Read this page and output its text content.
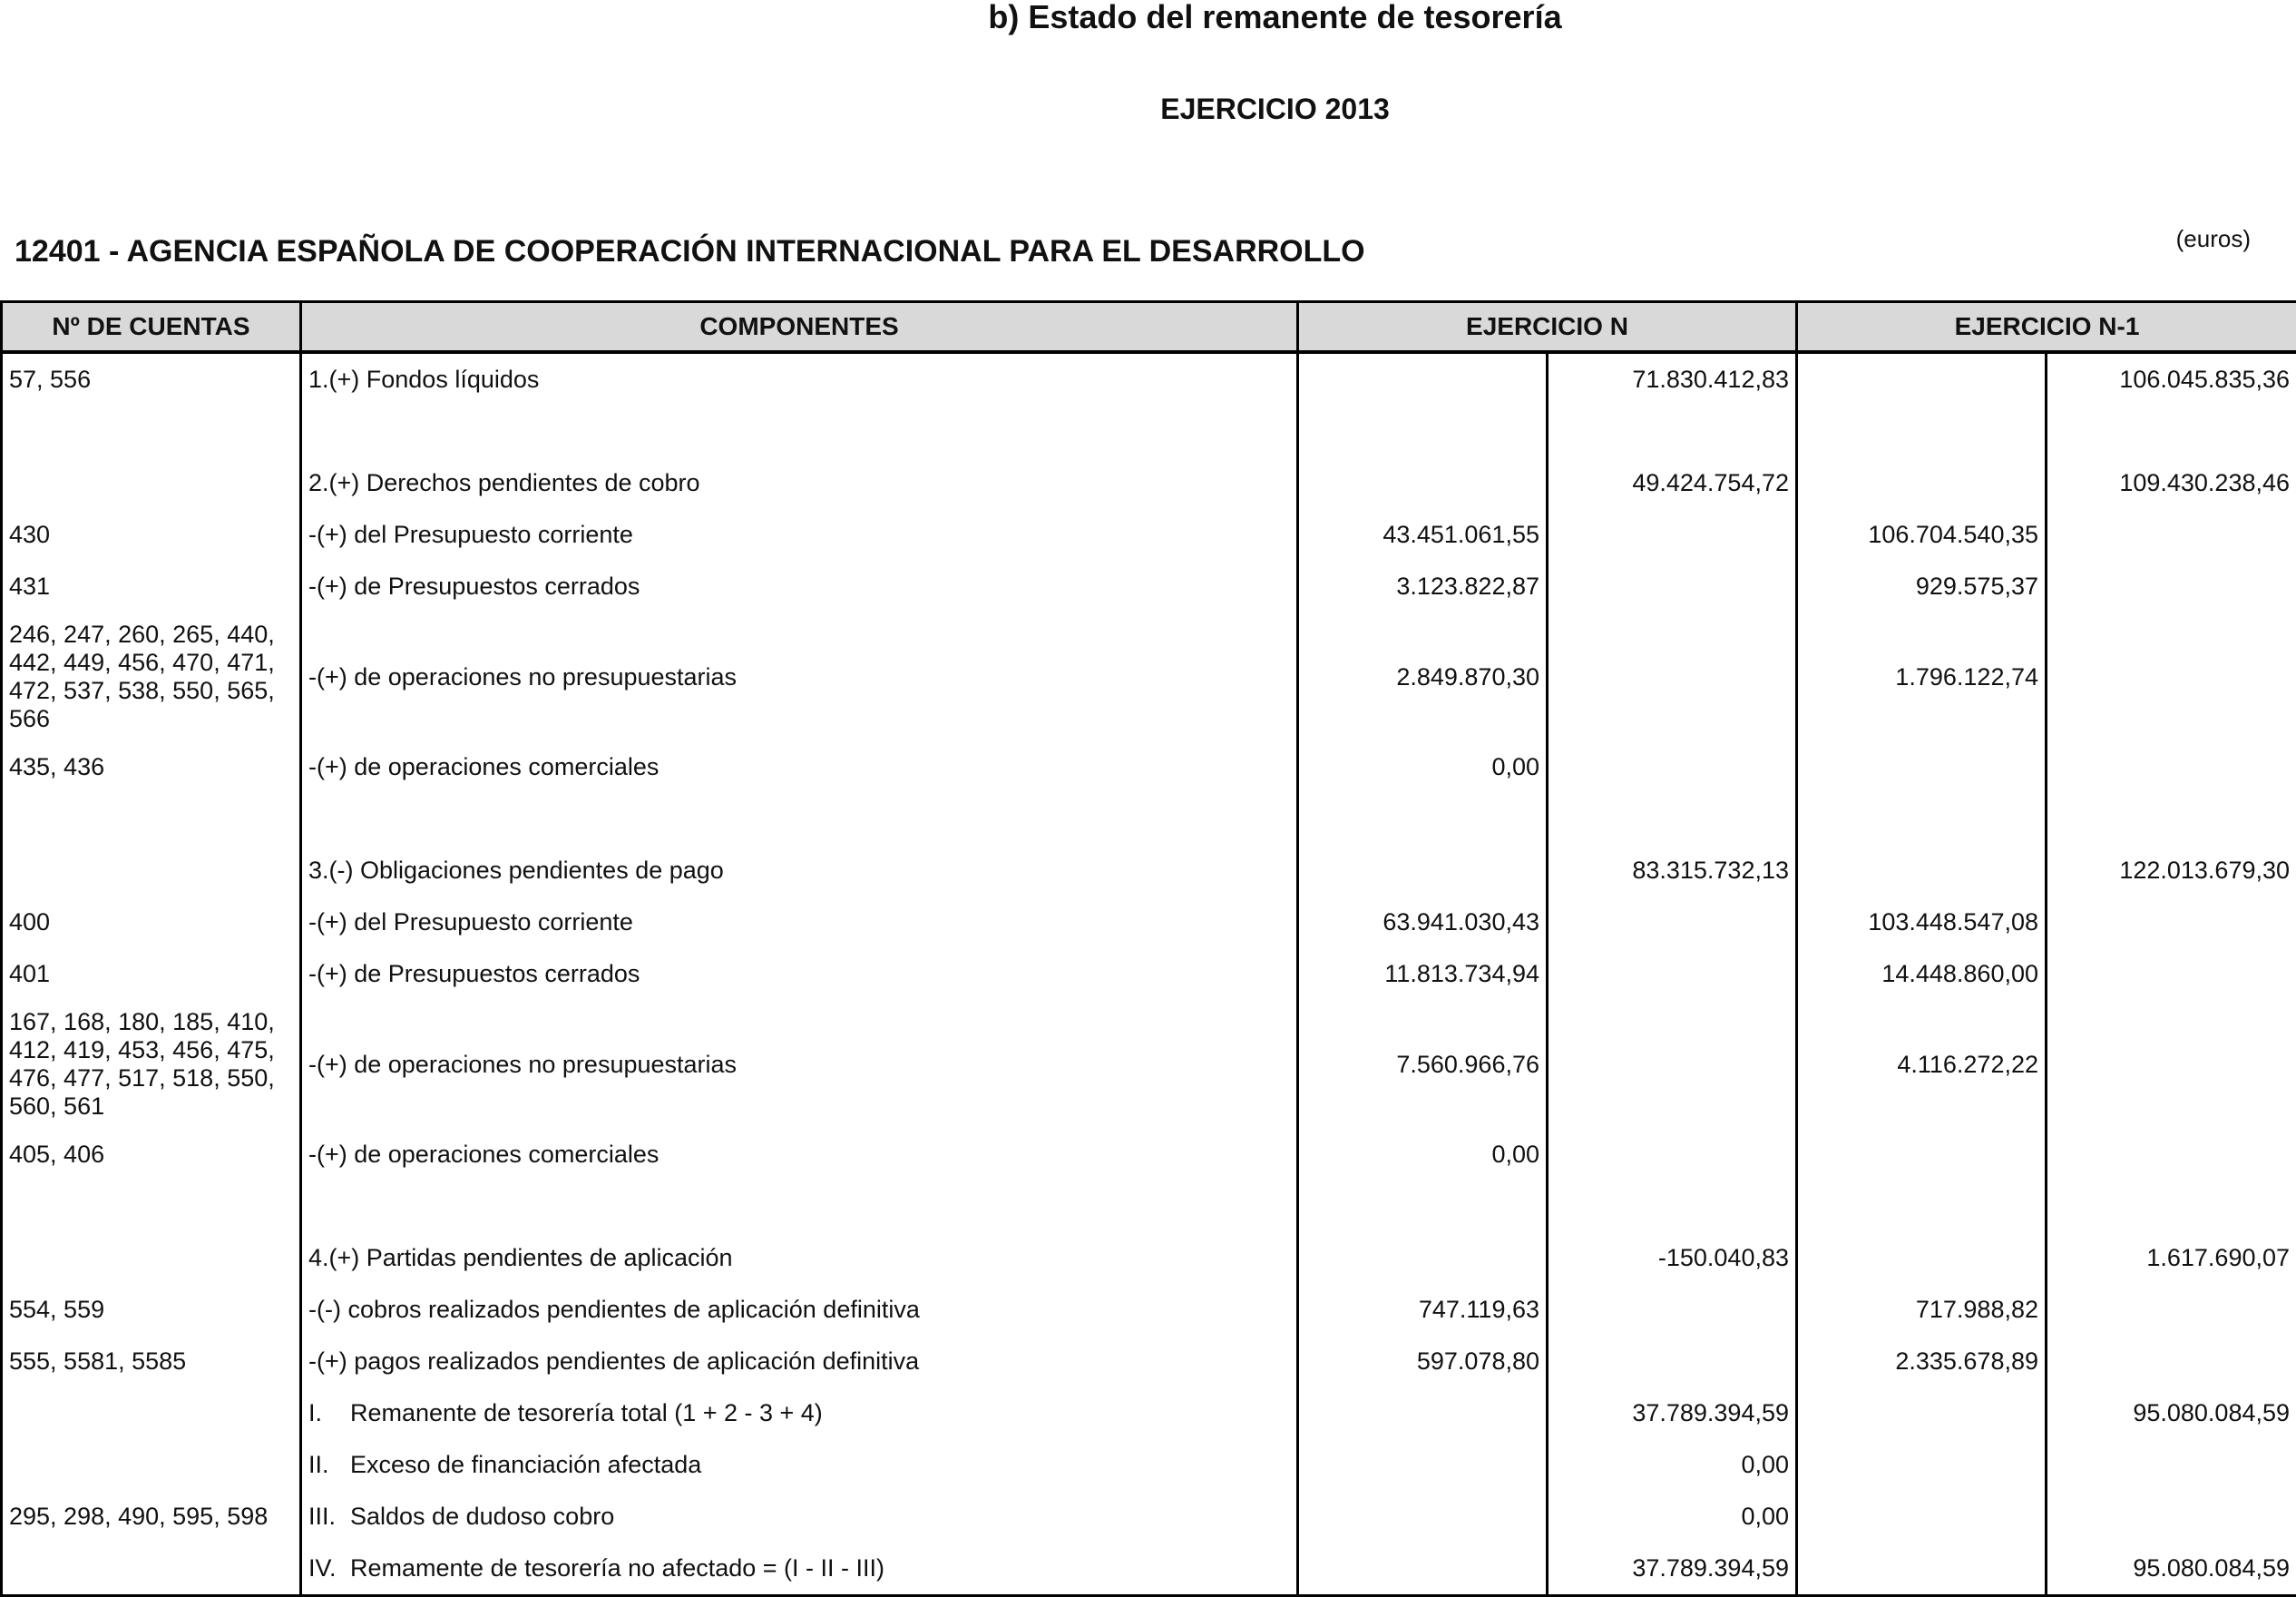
b) Estado del remanente de tesorería
EJERCICIO 2013
12401 - AGENCIA ESPAÑOLA DE COOPERACIÓN INTERNACIONAL PARA EL DESARROLLO	(euros)
Nº DE CUENTAS	COMPONENTES	EJERCICIO N		EJERCICIO N-1	
57, 556	1.(+) Fondos líquidos		71.830.412,83		106.045.835,36

	2.(+) Derechos pendientes de cobro		49.424.754,72		109.430.238,46
430	-(+) del Presupuesto corriente	43.451.061,55		106.704.540,35	
431	-(+) de Presupuestos cerrados	3.123.822,87		929.575,37	
246, 247, 260, 265, 440, 442, 449, 456, 470, 471, 472, 537, 538, 550, 565, 566	-(+) de operaciones no presupuestarias	2.849.870,30		1.796.122,74	
435, 436	-(+) de operaciones comerciales	0,00			

	3.(-) Obligaciones pendientes de pago		83.315.732,13		122.013.679,30
400	-(+) del Presupuesto corriente	63.941.030,43		103.448.547,08	
401	-(+) de Presupuestos cerrados	11.813.734,94		14.448.860,00	
167, 168, 180, 185, 410, 412, 419, 453, 456, 475, 476, 477, 517, 518, 550, 560, 561	-(+) de operaciones no presupuestarias	7.560.966,76		4.116.272,22	
405, 406	-(+) de operaciones comerciales	0,00			

	4.(+) Partidas pendientes de aplicación		-150.040,83		1.617.690,07
554, 559	-(-) cobros realizados pendientes de aplicación definitiva	747.119,63		717.988,82	
555, 5581, 5585	-(+) pagos realizados pendientes de aplicación definitiva	597.078,80		2.335.678,89	
	I. Remanente de tesorería total (1 + 2 - 3 + 4)		37.789.394,59		95.080.084,59
	II. Exceso de financiación afectada		0,00		
295, 298, 490, 595, 598	III. Saldos de dudoso cobro		0,00		
	IV. Remamente de tesorería no afectado = (I - II - III)		37.789.394,59		95.080.084,59
